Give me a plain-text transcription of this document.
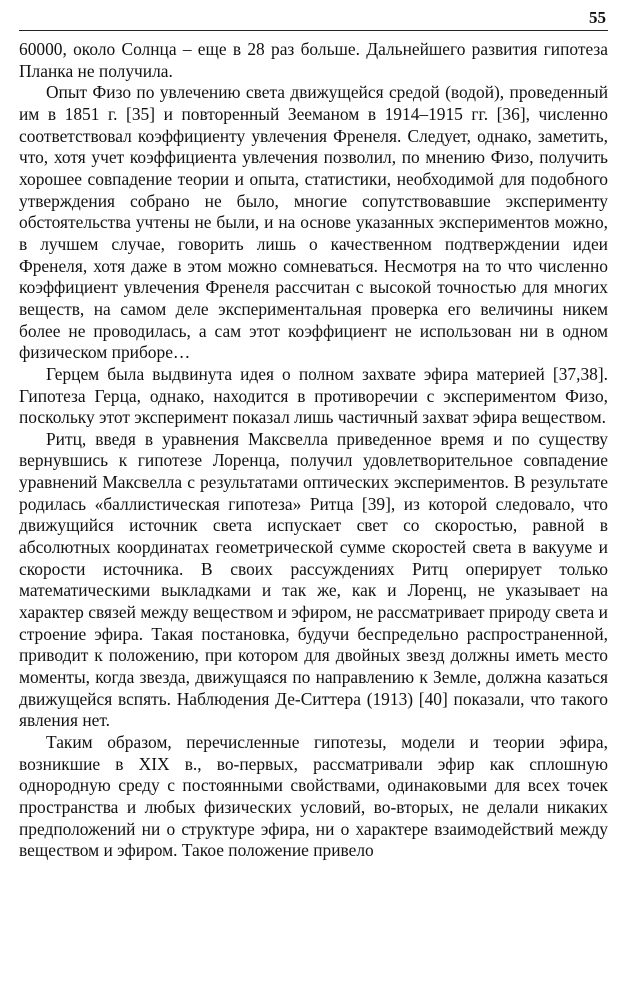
55

60000, около Солнца – еще в 28 раз больше. Дальнейшего развития гипотеза Планка не получила.

Опыт Физо по увлечению света движущейся средой (водой), проведенный им в 1851 г. [35] и повторенный Зееманом в 1914–1915 гг. [36], численно соответствовал коэффициенту увлечения Френеля. Следует, однако, заметить, что, хотя учет коэффициента увлечения позволил, по мнению Физо, получить хорошее совпадение теории и опыта, статистики, необходимой для подобного утверждения собрано не было, многие сопутствовавшие эксперименту обстоятельства учтены не были, и на основе указанных экспериментов можно, в лучшем случае, говорить лишь о качественном подтверждении идеи Френеля, хотя даже в этом можно сомневаться. Несмотря на то что численно коэффициент увлечения Френеля рассчитан с высокой точностью для многих веществ, на самом деле экспериментальная проверка его величины никем более не проводилась, а сам этот коэффициент не использован ни в одном физическом приборе…

Герцем была выдвинута идея о полном захвате эфира материей [37,38]. Гипотеза Герца, однако, находится в противоречии с экспериментом Физо, поскольку этот эксперимент показал лишь частичный захват эфира веществом.

Ритц, введя в уравнения Максвелла приведенное время и по существу вернувшись к гипотезе Лоренца, получил удовлетворительное совпадение уравнений Максвелла с результатами оптических экспериментов. В результате родилась «баллистическая гипотеза» Ритца [39], из которой следовало, что движущийся источник света испускает свет со скоростью, равной в абсолютных координатах геометрической сумме скоростей света в вакууме и скорости источника. В своих рассуждениях Ритц оперирует только математическими выкладками и так же, как и Лоренц, не указывает на характер связей между веществом и эфиром, не рассматривает природу света и строение эфира. Такая постановка, будучи беспредельно распространенной, приводит к положению, при котором для двойных звезд должны иметь место моменты, когда звезда, движущаяся по направлению к Земле, должна казаться движущейся вспять. Наблюдения Де-Ситтера (1913) [40] показали, что такого явления нет.

Таким образом, перечисленные гипотезы, модели и теории эфира, возникшие в XIX в., во-первых, рассматривали эфир как сплошную однородную среду с постоянными свойствами, одинаковыми для всех точек пространства и любых физических условий, во-вторых, не делали никаких предположений ни о структуре эфира, ни о характере взаимодействий между веществом и эфиром. Такое положение привело
